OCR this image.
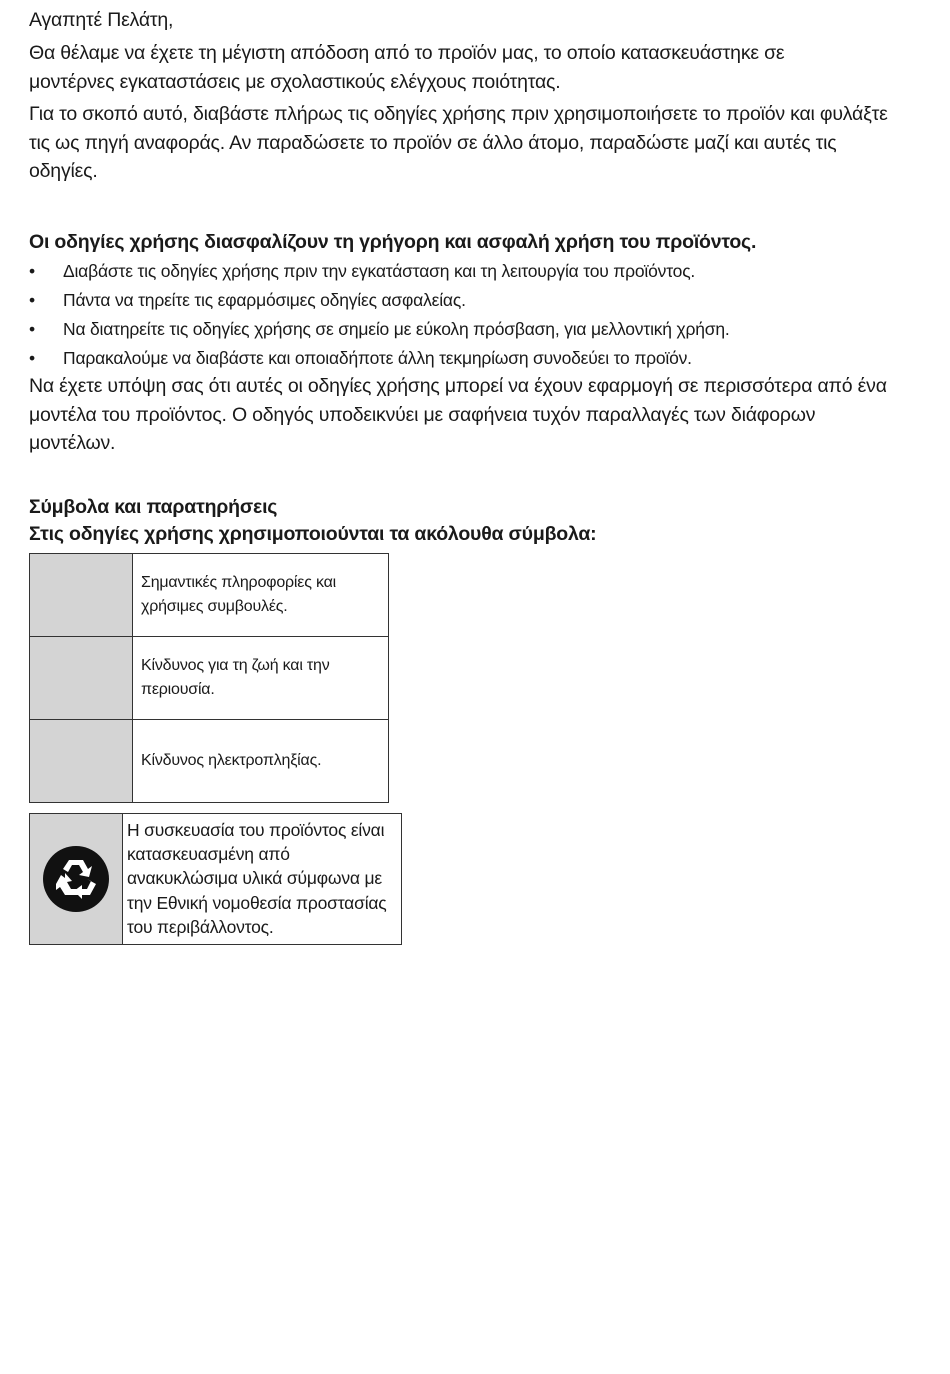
Αγαπητέ Πελάτη,

Θα θέλαμε να έχετε τη μέγιστη απόδοση από το προϊόν μας, το οποίο κατασκευάστηκε σε μοντέρνες εγκαταστάσεις με σχολαστικούς ελέγχους ποιότητας.

Για το σκοπό αυτό, διαβάστε πλήρως τις οδηγίες χρήσης πριν χρησιμοποιήσετε το προϊόν και φυλάξτε τις ως πηγή αναφοράς. Αν παραδώσετε το προϊόν σε άλλο άτομο, παραδώστε μαζί και αυτές τις οδηγίες.

Οι οδηγίες χρήσης διασφαλίζουν τη γρήγορη και ασφαλή χρήση του προϊόντος.

• Διαβάστε τις οδηγίες χρήσης πριν την εγκατάσταση και τη λειτουργία του προϊόντος.
• Πάντα να τηρείτε τις εφαρμόσιμες οδηγίες ασφαλείας.
• Να διατηρείτε τις οδηγίες χρήσης σε σημείο με εύκολη πρόσβαση, για μελλοντική χρήση.
• Παρακαλούμε να διαβάστε και οποιαδήποτε άλλη τεκμηρίωση συνοδεύει το προϊόν.

Να έχετε υπόψη σας ότι αυτές οι οδηγίες χρήσης μπορεί να έχουν εφαρμογή σε περισσότερα από ένα μοντέλα του προϊόντος. Ο οδηγός υποδεικνύει με σαφήνεια τυχόν παραλλαγές των διάφορων μοντέλων.

Σύμβολα και παρατηρήσεις

Στις οδηγίες χρήσης χρησιμοποιούνται τα ακόλουθα σύμβολα:

	Σημαντικές πληροφορίες και χρήσιμες συμβουλές.
	Κίνδυνος για τη ζωή και την περιουσία.
	Κίνδυνος ηλεκτροπληξίας.
	Η συσκευασία του προϊόντος είναι κατασκευασμένη από ανακυκλώσιμα υλικά σύμφωνα με την Εθνική νομοθεσία προστασίας του περιβάλλοντος.
